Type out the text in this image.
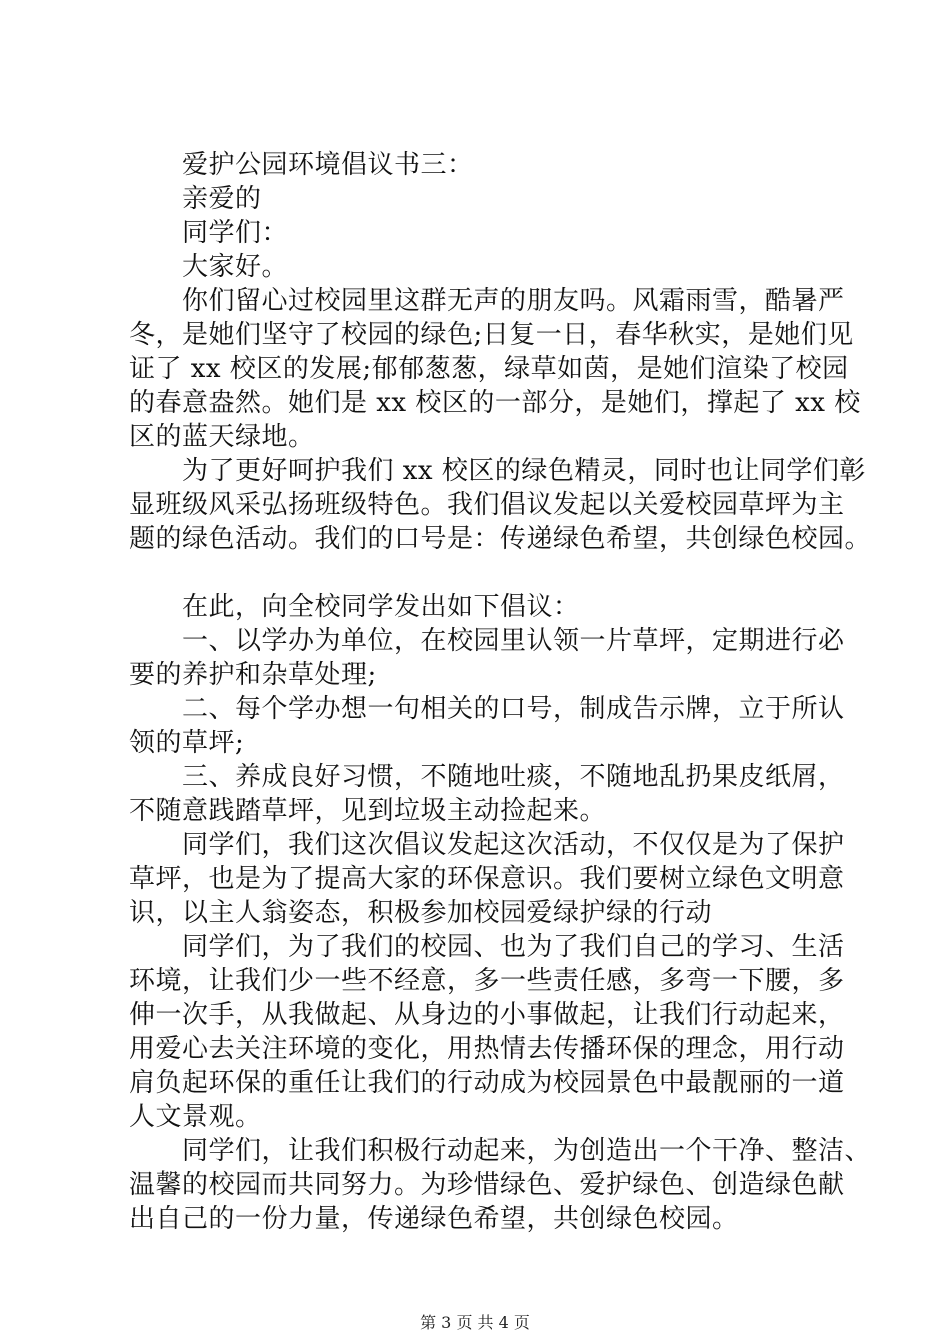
　　爱护公园环境倡议书三：
　　亲爱的
　　同学们：
　　大家好。
　　你们留心过校园里这群无声的朋友吗。风霜雨雪，酷暑严
冬，是她们坚守了校园的绿色;日复一日，春华秋实，是她们见
证了 xx 校区的发展;郁郁葱葱，绿草如茵，是她们渲染了校园
的春意盎然。她们是 xx 校区的一部分，是她们，撑起了 xx 校
区的蓝天绿地。
　　为了更好呵护我们 xx 校区的绿色精灵，同时也让同学们彰
显班级风采弘扬班级特色。我们倡议发起以关爱校园草坪为主
题的绿色活动。我们的口号是：传递绿色希望，共创绿色校园。
　　在此，向全校同学发出如下倡议：
　　一、以学办为单位，在校园里认领一片草坪，定期进行必
要的养护和杂草处理;
　　二、每个学办想一句相关的口号，制成告示牌，立于所认
领的草坪;
　　三、养成良好习惯，不随地吐痰，不随地乱扔果皮纸屑，
不随意践踏草坪，见到垃圾主动捡起来。
　　同学们，我们这次倡议发起这次活动，不仅仅是为了保护
草坪，也是为了提高大家的环保意识。我们要树立绿色文明意
识，以主人翁姿态，积极参加校园爱绿护绿的行动
　　同学们，为了我们的校园、也为了我们自己的学习、生活
环境，让我们少一些不经意，多一些责任感，多弯一下腰，多
伸一次手，从我做起、从身边的小事做起，让我们行动起来，
用爱心去关注环境的变化，用热情去传播环保的理念，用行动
肩负起环保的重任让我们的行动成为校园景色中最靓丽的一道
人文景观。
　　同学们，让我们积极行动起来，为创造出一个干净、整洁、
温馨的校园而共同努力。为珍惜绿色、爱护绿色、创造绿色献
出自己的一份力量，传递绿色希望，共创绿色校园。
第 3 页 共 4 页
